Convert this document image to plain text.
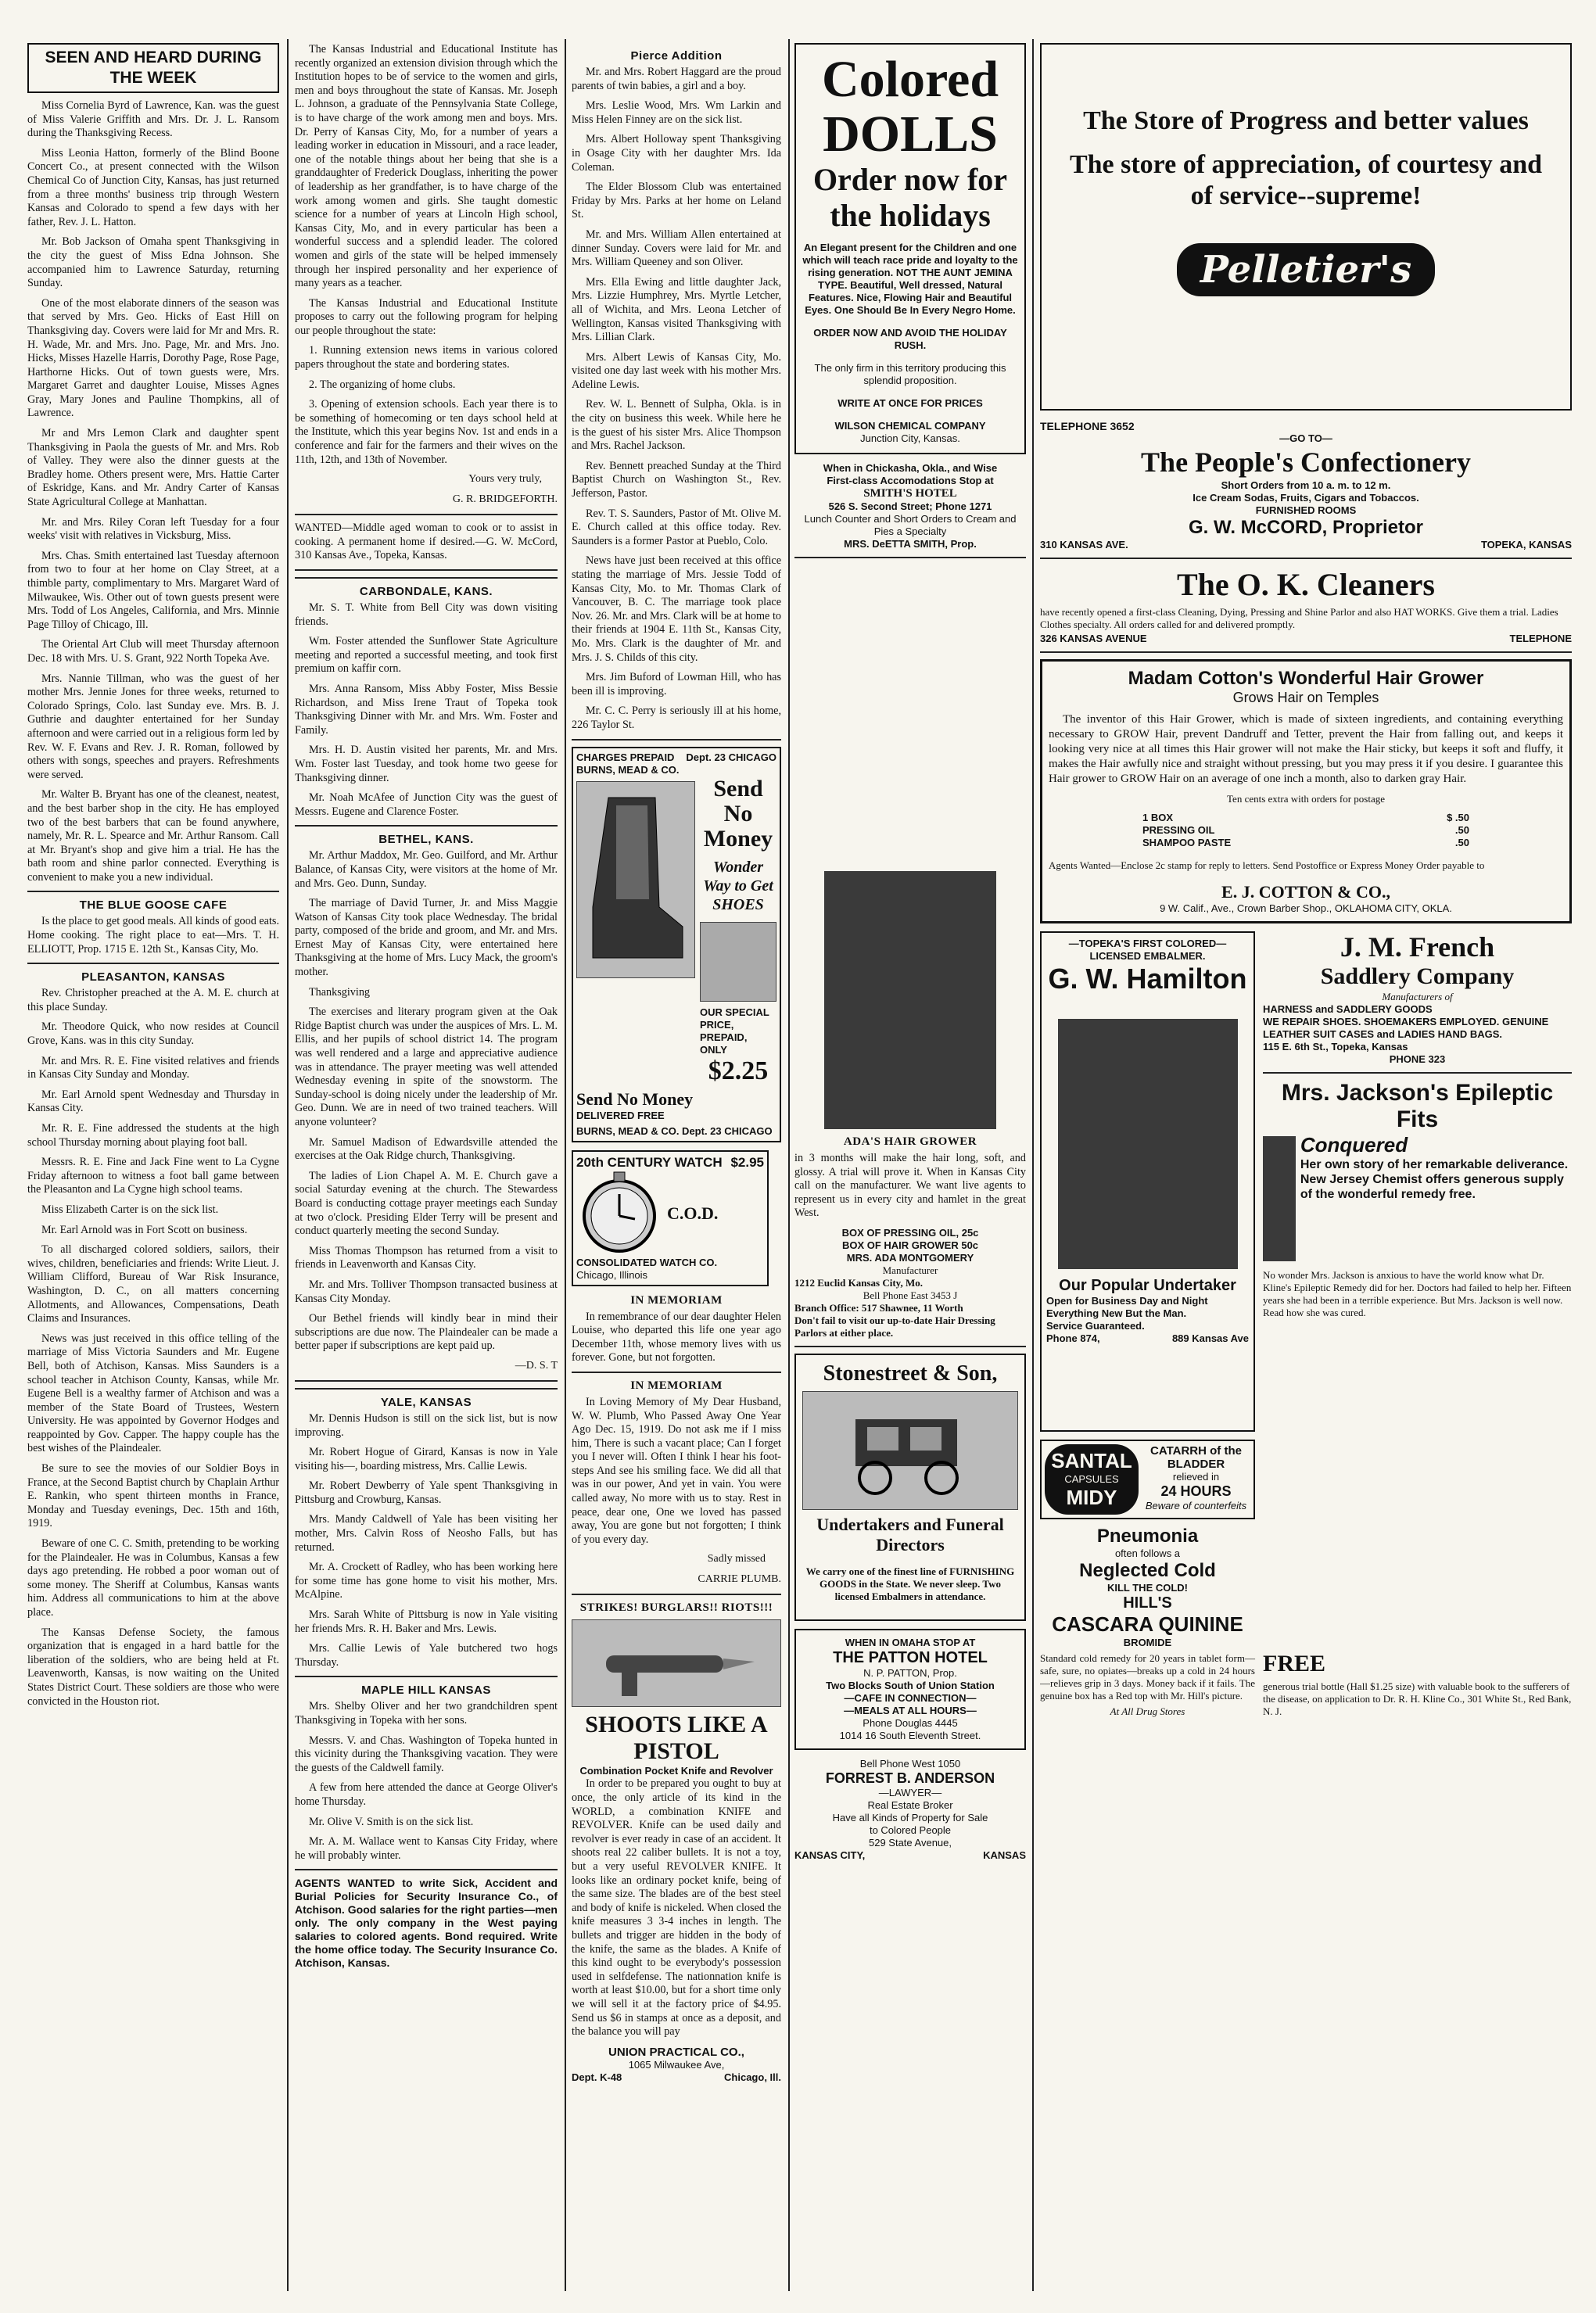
SEEN AND HEARD DURING THE WEEK

Miss Cornelia Byrd of Lawrence, Kan. was the guest of Miss Valerie Griffith and Mrs. Dr. J. L. Ransom during the Thanksgiving Recess.

Miss Leonia Hatton, formerly of the Blind Boone Concert Co., at present connected with the Wilson Chemical Co of Junction City, Kansas, has just returned from a three months' business trip through Western Kansas and Colorado to spend a few days with her father, Rev. J. L. Hatton.

Mr. Bob Jackson of Omaha spent Thanksgiving in the city the guest of Miss Edna Johnson. She accompanied him to Lawrence Saturday, returning Sunday.

One of the most elaborate dinners of the season was that served by Mrs. Geo. Hicks of East Hill on Thanksgiving day. Covers were laid for Mr and Mrs. R. H. Wade, Mr. and Mrs. Jno. Page, Mr. and Mrs. Jno. Hicks, Misses Hazelle Harris, Dorothy Page, Rose Page, Harthorne Hicks. Out of town guests were, Mrs. Margaret Garret and daughter Louise, Misses Agnes Gray, Mary Jones and Pauline Thompkins, all of Lawrence.

Mr and Mrs Lemon Clark and daughter spent Thanksgiving in Paola the guests of Mr. and Mrs. Rob of Valley. They were also the dinner guests at the Bradley home. Others present were, Mrs. Hattie Carter of Eskridge, Kans. and Mr. Andry Carter of Kansas State Agricultural College at Manhattan.

Mr. and Mrs. Riley Coran left Tuesday for a four weeks' visit with relatives in Vicksburg, Miss.

Mrs. Chas. Smith entertained last Tuesday afternoon from two to four at her home on Clay Street, at a thimble party, complimentary to Mrs. Margaret Ward of Milwaukee, Wis. Other out of town guests present were Mrs. Todd of Los Angeles, California, and Mrs. Minnie Page Tilloy of Chicago, Ill.

The Oriental Art Club will meet Thursday afternoon Dec. 18 with Mrs. U. S. Grant, 922 North Topeka Ave.

Mrs. Nannie Tillman, who was the guest of her mother Mrs. Jennie Jones for three weeks, returned to Colorado Springs, Colo. last Sunday eve. Mrs. B. J. Guthrie and daughter entertained for her Sunday afternoon and were carried out in a religious form led by Rev. W. F. Evans and Rev. J. R. Roman, followed by others with songs, speeches and prayers. Refreshments were served.

Mr. Walter B. Bryant has one of the cleanest, neatest, and the best barber shop in the city. He has employed two of the best barbers that can be found anywhere, namely, Mr. R. L. Spearce and Mr. Arthur Ransom. Call at Mr. Bryant's shop and give him a trial. He has the bath room and shine parlor connected. Everything is convenient to make you a new individual.

THE BLUE GOOSE CAFE

Is the place to get good meals. All kinds of good eats. Home cooking. The right place to eat—Mrs. T. H. ELLIOTT, Prop. 1715 E. 12th St., Kansas City, Mo.

PLEASANTON, KANSAS

Rev. Christopher preached at the A. M. E. church at this place Sunday.

Mr. Theodore Quick, who now resides at Council Grove, Kans. was in this city Sunday.

Mr. and Mrs. R. E. Fine visited relatives and friends in Kansas City Sunday and Monday.

Mr. Earl Arnold spent Wednesday and Thursday in Kansas City.

Mr. R. E. Fine addressed the students at the high school Thursday morning about playing foot ball.

Messrs. R. E. Fine and Jack Fine went to La Cygne Friday afternoon to witness a foot ball game between the Pleasanton and La Cygne high school teams.

Miss Elizabeth Carter is on the sick list.

Mr. Earl Arnold was in Fort Scott on business.

To all discharged colored soldiers, sailors, their wives, children, beneficiaries and friends: Write Lieut. J. William Clifford, Bureau of War Risk Insurance, Washington, D. C., on all matters concerning Allotments, and Allowances, Compensations, Death Claims and Insurances.

News was just received in this office telling of the marriage of Miss Victoria Saunders and Mr. Eugene Bell, both of Atchison, Kansas. Miss Saunders is a school teacher in Atchison County, Kansas, while Mr. Eugene Bell is a wealthy farmer of Atchison and was a member of the State Board of Trustees, Western University. He was appointed by Governor Hodges and reappointed by Gov. Capper. The happy couple has the best wishes of the Plaindealer.

Be sure to see the movies of our Soldier Boys in France, at the Second Baptist church by Chaplain Arthur E. Rankin, who spent thirteen months in France, Monday and Tuesday evenings, Dec. 15th and 16th, 1919.

Beware of one C. C. Smith, pretending to be working for the Plaindealer. He was in Columbus, Kansas a few days ago pretending. He robbed a poor woman out of some money. The Sheriff at Columbus, Kansas wants him. Address all communications to him at the above place.

The Kansas Defense Society, the famous organization that is engaged in a hard battle for the liberation of the soldiers, who are being held at Ft. Leavenworth, Kansas, is now waiting on the United States District Court. These soldiers are those who were convicted in the Houston riot.

The Kansas Industrial and Educational Institute has recently organized an extension division through which the Institution hopes to be of service to the women and girls, men and boys throughout the state of Kansas. Mr. Joseph L. Johnson, a graduate of the Pennsylvania State College, is to have charge of the work among men and boys. Mrs. Dr. Perry of Kansas City, Mo, for a number of years a leading worker in education in Missouri, and a race leader, one of the notable things about her being that she is a granddaughter of Frederick Douglass, inheriting the power of leadership as her grandfather, is to have charge of the work among women and girls. She taught domestic science for a number of years at Lincoln High school, Kansas City, Mo, and in every particular has been a wonderful success and a splendid leader. The colored women and girls of the state will be helped immensely through her inspired personality and her experience of many years as a teacher.

The Kansas Industrial and Educational Institute proposes to carry out the following program for helping our people throughout the state:

1. Running extension news items in various colored papers throughout the state and bordering states.

2. The organizing of home clubs.

3. Opening of extension schools. Each year there is to be something of homecoming or ten days school held at the Institute, which this year begins Nov. 1st and ends in a conference and fair for the farmers and their wives on the 11th, 12th, and 13th of November.

Yours very truly,
G. R. BRIDGEFORTH.

WANTED—Middle aged woman to cook or to assist in cooking. A permanent home if desired.—G. W. McCord, 310 Kansas Ave., Topeka, Kansas.

CARBONDALE, KANS.

Mr. S. T. White from Bell City was down visiting friends.

Wm. Foster attended the Sunflower State Agriculture meeting and reported a successful meeting, and took first premium on kaffir corn.

Mrs. Anna Ransom, Miss Abby Foster, Miss Bessie Richardson, and Miss Irene Traut of Topeka took Thanksgiving Dinner with Mr. and Mrs. Wm. Foster and Family.

Mrs. H. D. Austin visited her parents, Mr. and Mrs. Wm. Foster last Tuesday, and took home two geese for Thanksgiving dinner.

Mr. Noah McAfee of Junction City was the guest of Messrs. Eugene and Clarence Foster.

BETHEL, KANS.

Mr. Arthur Maddox, Mr. Geo. Guilford, and Mr. Arthur Balance, of Kansas City, were visitors at the home of Mr. and Mrs. Geo. Dunn, Sunday.

The marriage of David Turner, Jr. and Miss Maggie Watson of Kansas City took place Wednesday. The bridal party, composed of the bride and groom, and Mr. and Mrs. Ernest May of Kansas City, were entertained here Thanksgiving at the home of Mrs. Lucy Mack, the groom's mother.

Thanksgiving

The exercises and literary program given at the Oak Ridge Baptist church was under the auspices of Mrs. L. M. Ellis, and her pupils of school district 14. The program was well rendered and a large and appreciative audience was in attendance. The prayer meeting was well attended Wednesday evening in spite of the snowstorm. The Sunday-school is doing nicely under the leadership of Mr. Geo. Dunn. We are in need of two trained teachers. Will anyone volunteer?

Mr. Samuel Madison of Edwardsville attended the exercises at the Oak Ridge church, Thanksgiving.

The ladies of Lion Chapel A. M. E. Church gave a social Saturday evening at the church. The Stewardess Board is conducting cottage prayer meetings each Sunday at two o'clock. Presiding Elder Terry will be present and conduct quarterly meeting the second Sunday.

Miss Thomas Thompson has returned from a visit to friends in Leavenworth and Kansas City.

Mr. and Mrs. Tolliver Thompson transacted business at Kansas City Monday.

Our Bethel friends will kindly bear in mind their subscriptions are due now. The Plaindealer can be made a better paper if subscriptions are kept paid up.

—D. S. T
YALE, KANSAS

Mr. Dennis Hudson is still on the sick list, but is now improving.

Mr. Robert Hogue of Girard, Kansas is now in Yale visiting his—, boarding mistress, Mrs. Callie Lewis.

Mr. Robert Dewberry of Yale spent Thanksgiving in Pittsburg and Crowburg, Kansas.

Mrs. Mandy Caldwell of Yale has been visiting her mother, Mrs. Calvin Ross of Neosho Falls, but has returned.

Mr. A. Crockett of Radley, who has been working here for some time has gone home to visit his mother, Mrs. McAlpine.

Mrs. Sarah White of Pittsburg is now in Yale visiting her friends Mrs. R. H. Baker and Mrs. Lewis.

Mrs. Callie Lewis of Yale butchered two hogs Thursday.

MAPLE HILL KANSAS

Mrs. Shelby Oliver and her two grandchildren spent Thanksgiving in Topeka with her sons.

Messrs. V. and Chas. Washington of Topeka hunted in this vicinity during the Thanksgiving vacation. They were the guests of the Caldwell family.

A few from here attended the dance at George Oliver's home Thursday.

Mr. Olive V. Smith is on the sick list.

Mr. A. M. Wallace went to Kansas City Friday, where he will probably winter.

AGENTS WANTED to write Sick, Accident and Burial Policies for Security Insurance Co., of Atchison. Good salaries for the right parties—men only. The only company in the West paying salaries to colored agents. Bond required. Write the home office today. The Security Insurance Co. Atchison, Kansas.
Pierce Addition

Mr. and Mrs. Robert Haggard are the proud parents of twin babies, a girl and a boy.

Mrs. Leslie Wood, Mrs. Wm Larkin and Miss Helen Finney are on the sick list.

Mrs. Albert Holloway spent Thanksgiving in Osage City with her daughter Mrs. Ida Coleman.

The Elder Blossom Club was entertained Friday by Mrs. Parks at her home on Leland St.

Mr. and Mrs. William Allen entertained at dinner Sunday. Covers were laid for Mr. and Mrs. William Queeney and son Oliver.

Mrs. Ella Ewing and little daughter Jack, Mrs. Lizzie Humphrey, Mrs. Myrtle Letcher, all of Wichita, and Mrs. Leona Letcher of Wellington, Kansas visited Thanksgiving with Mrs. Lillian Clark.

Mrs. Albert Lewis of Kansas City, Mo. visited one day last week with his mother Mrs. Adeline Lewis.

Rev. W. L. Bennett of Sulpha, Okla. is in the city on business this week. While here he is the guest of his sister Mrs. Alice Thompson and Mrs. Rachel Jackson.

Rev. Bennett preached Sunday at the Third Baptist Church on Washington St., Rev. Jefferson, Pastor.

Rev. T. S. Saunders, Pastor of Mt. Olive M. E. Church called at this office today. Rev. Saunders is a former Pastor at Pueblo, Colo.

News have just been received at this office stating the marriage of Mrs. Jessie Todd of Kansas City, Mo. to Mr. Thomas Clark of Vancouver, B. C. The marriage took place Nov. 26. Mr. and Mrs. Clark will be at home to their friends at 1904 E. 11th St., Kansas City, Mo. Mrs. Clark is the daughter of Mr. and Mrs. J. S. Childs of this city.

Mrs. Jim Buford of Lowman Hill, who has been ill is improving.

Mr. C. C. Perry is seriously ill at his home, 226 Taylor St.

CHARGES PREPAID Dept. 23 CHICAGO
BURNS, MEAD & CO.
Send No Money
Wonder Way to Get SHOES
OUR SPECIAL PRICE, PREPAID, ONLY
$2.25
Send No Money
DELIVERED FREE
BURNS, MEAD & CO. Dept. 23 CHICAGO
20th CENTURY WATCH $2.95
C.O.D.
CONSOLIDATED WATCH CO.
Chicago, Illinois
IN MEMORIAM

In remembrance of our dear daughter Helen Louise, who departed this life one year ago December 11th, whose memory lives with us forever. Gone, but not forgotten.

IN MEMORIAM

In Loving Memory of My Dear Husband, W. W. Plumb, Who Passed Away One Year Ago Dec. 15, 1919. Do not ask me if I miss him, There is such a vacant place; Can I forget you I never will. Often I think I hear his foot-steps And see his smiling face. We did all that was in our power, And yet in vain. You were called away, No more with us to stay. Rest in peace, dear one, One we loved has passed away, You are gone but not forgotten; I think of you every day.

Sadly missed
CARRIE PLUMB.
STRIKES! BURGLARS!! RIOTS!!!
SHOOTS LIKE A PISTOL
Combination Pocket Knife and Revolver

In order to be prepared you ought to buy at once, the only article of its kind in the WORLD, a combination KNIFE and REVOLVER. Knife can be used daily and revolver is ever ready in case of an accident. It shoots real 22 caliber bullets. It is not a toy, but a very useful REVOLVER KNIFE. It looks like an ordinary pocket knife, being of the same size. The blades are of the best steel and body of knife is nickeled. When closed the knife measures 3 3-4 inches in length. The bullets and trigger are hidden in the body of the knife, the same as the blades. A Knife of this kind ought to be everybody's possession used in selfdefense. The nationnation knife is worth at least $10.00, but for a short time only we will sell it at the factory price of $4.95. Send us $6 in stamps at once as a deposit, and the balance you will pay

UNION PRACTICAL CO.,
1065 Milwaukee Ave,
Dept. K-48	Chicago, Ill.
Colored
DOLLS
Order now for
the holidays

An Elegant present for the Children and one which will teach race pride and loyalty to the rising generation. NOT THE AUNT JEMINA TYPE. Beautiful, Well dressed, Natural Features. Nice, Flowing Hair and Beautiful Eyes. One Should Be In Every Negro Home.

ORDER NOW AND AVOID THE HOLIDAY RUSH.

The only firm in this territory producing this splendid proposition.

WRITE AT ONCE FOR PRICES

WILSON CHEMICAL COMPANY
Junction City, Kansas.
When in Chickasha, Okla., and Wise
First-class Accomodations Stop at
SMITH'S HOTEL
526 S. Second Street; Phone 1271
Lunch Counter and Short Orders to Cream and Pies a Specialty
MRS. DeETTA SMITH, Prop.
ADA'S HAIR GROWER

in 3 months will make the hair long, soft, and glossy. A trial will prove it. When in Kansas City call on the manufacturer. We want live agents to represent us in every city and hamlet in the great West.

BOX OF PRESSING OIL, 25c
BOX OF HAIR GROWER 50c
MRS. ADA MONTGOMERY
Manufacturer
1212 Euclid Kansas City, Mo.
Bell Phone East 3453 J
Branch Office: 517 Shawnee, 11 Worth
Don't fail to visit our up-to-date Hair Dressing Parlors at either place.
Stonestreet & Son,
Undertakers and Funeral Directors

We carry one of the finest line of FURNISHING GOODS in the State. We never sleep. Two licensed Embalmers in attendance.

WHEN IN OMAHA STOP AT
THE PATTON HOTEL
N. P. PATTON, Prop.
Two Blocks South of Union Station
—CAFE IN CONNECTION—
—MEALS AT ALL HOURS—
Phone Douglas 4445
1014 16 South Eleventh Street.
Bell Phone West 1050
FORREST B. ANDERSON
—LAWYER—
Real Estate Broker
Have all Kinds of Property for Sale
to Colored People
529 State Avenue,
KANSAS CITY,	KANSAS
The Store of Progress and better values
The store of appreciation, of courtesy and of service--supreme!
Pelletier's
TELEPHONE 3652
—GO TO—
The People's Confectionery
Short Orders from 10 a. m. to 12 m.
Ice Cream Sodas, Fruits, Cigars and Tobaccos.
FURNISHED ROOMS
G. W. McCORD, Proprietor
310 KANSAS AVE.	TOPEKA, KANSAS
The O. K. Cleaners

have recently opened a first-class Cleaning, Dying, Pressing and Shine Parlor and also HAT WORKS. Give them a trial. Ladies Clothes specialty. All orders called for and delivered promptly.

326 KANSAS AVENUE	TELEPHONE
Madam Cotton's Wonderful Hair Grower
Grows Hair on Temples

The inventor of this Hair Grower, which is made of sixteen ingredients, and containing everything necessary to GROW Hair, prevent Dandruff and Tetter, prevent the Hair from falling out, and keeps it looking very nice at all times this Hair grower will not make the Hair sticky, but keeps it soft and fluffy, it makes the Hair awfully nice and straight without pressing, but you may press it if you desire. I guarantee this Hair grower to GROW Hair on an average of one inch a month, also to darken gray Hair.

Ten cents extra with orders for postage
1 BOX	$ .50
PRESSING OIL	.50
SHAMPOO PASTE	.50

Agents Wanted—Enclose 2c stamp for reply to letters. Send Postoffice or Express Money Order payable to

E. J. COTTON & CO.,
9 W. Calif., Ave., Crown Barber Shop., OKLAHOMA CITY, OKLA.
—TOPEKA'S FIRST COLORED— LICENSED EMBALMER.
G. W. Hamilton
Our Popular Undertaker
Open for Business Day and Night
Everything New But the Man.
Service Guaranteed.
Phone 874,	889 Kansas Ave
J. M. French
Saddlery Company
Manufacturers of
HARNESS and SADDLERY GOODS
WE REPAIR SHOES. SHOEMAKERS EMPLOYED. GENUINE LEATHER SUIT CASES and LADIES HAND BAGS.
115 E. 6th St., Topeka, Kansas
PHONE 323
Mrs. Jackson's Epileptic Fits
Conquered
Her own story of her remarkable deliverance. New Jersey Chemist offers generous supply of the wonderful remedy free.

No wonder Mrs. Jackson is anxious to have the world know what Dr. Kline's Epileptic Remedy did for her. Doctors had failed to help her. Fifteen years she had been in a terrible experience. But Mrs. Jackson is well now. Read how she was cured.

SANTAL
CAPSULES
MIDY
CATARRH of the BLADDER
relieved in
24 HOURS
Beware of counterfeits
Pneumonia
often follows a
Neglected Cold
KILL THE COLD!
HILL'S
CASCARA QUININE
BROMIDE

Standard cold remedy for 20 years in tablet form—safe, sure, no opiates—breaks up a cold in 24 hours—relieves grip in 3 days. Money back if it fails. The genuine box has a Red top with Mr. Hill's picture.

At All Drug Stores
FREE

generous trial bottle (Hall $1.25 size) with valuable book to the sufferers of the disease, on application to Dr. R. H. Kline Co., 301 White St., Red Bank, N. J.
